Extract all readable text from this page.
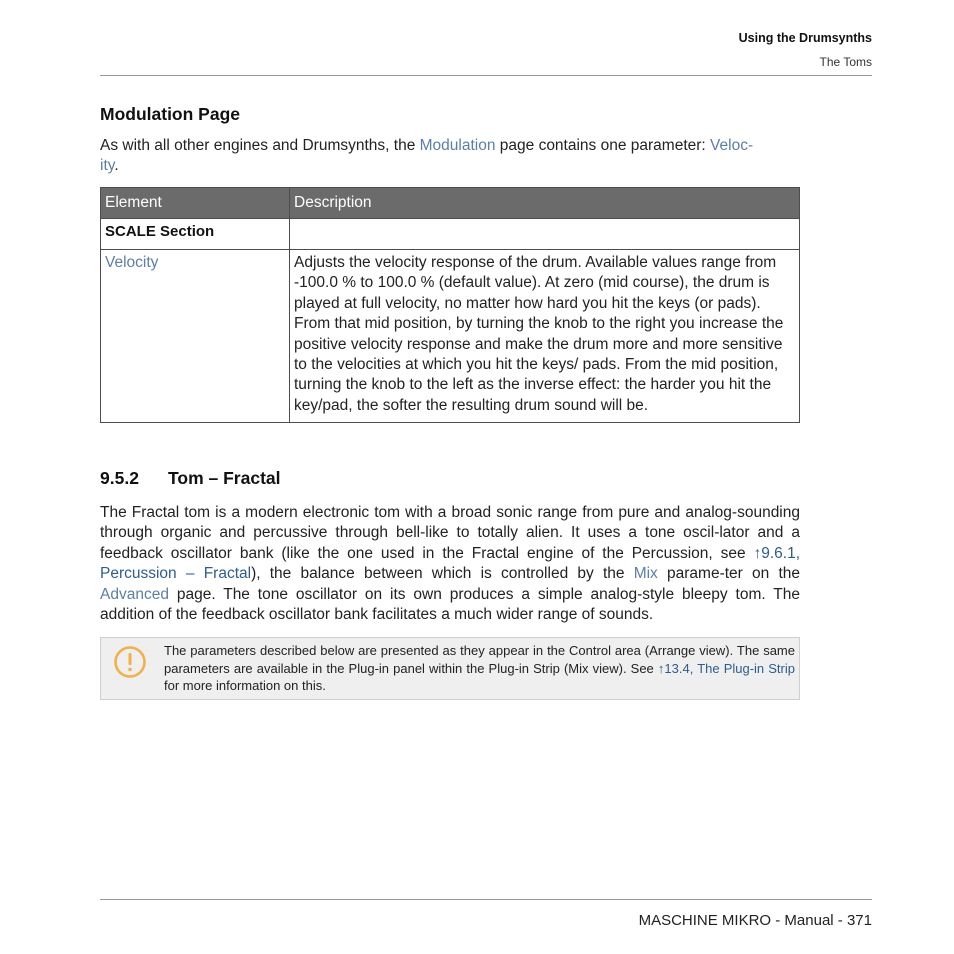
Using the Drumsynths
The Toms
Modulation Page

As with all other engines and Drumsynths, the Modulation page contains one parameter: Veloc-
ity.

Element	Description
SCALE Section	
Velocity	Adjusts the velocity response of the drum. Available values range from -100.0 % to 100.0 % (default value). At zero (mid course), the drum is played at full velocity, no matter how hard you hit the keys (or pads). From that mid position, by turning the knob to the right you increase the positive velocity response and make the drum more and more sensitive to the velocities at which you hit the keys/ pads. From the mid position, turning the knob to the left as the inverse effect: the harder you hit the key/pad, the softer the resulting drum sound will be.
9.5.2 Tom – Fractal

The Fractal tom is a modern electronic tom with a broad sonic range from pure and analog-sounding through organic and percussive through bell-like to totally alien. It uses a tone oscil-lator and a feedback oscillator bank (like the one used in the Fractal engine of the Percussion, see ↑9.6.1, Percussion – Fractal), the balance between which is controlled by the Mix parame-ter on the Advanced page. The tone oscillator on its own produces a simple analog-style bleepy tom. The addition of the feedback oscillator bank facilitates a much wider range of sounds.

The parameters described below are presented as they appear in the Control area (Arrange view). The same parameters are available in the Plug-in panel within the Plug-in Strip (Mix view). See ↑13.4, The Plug-in Strip for more information on this.
MASCHINE MIKRO - Manual - 371
